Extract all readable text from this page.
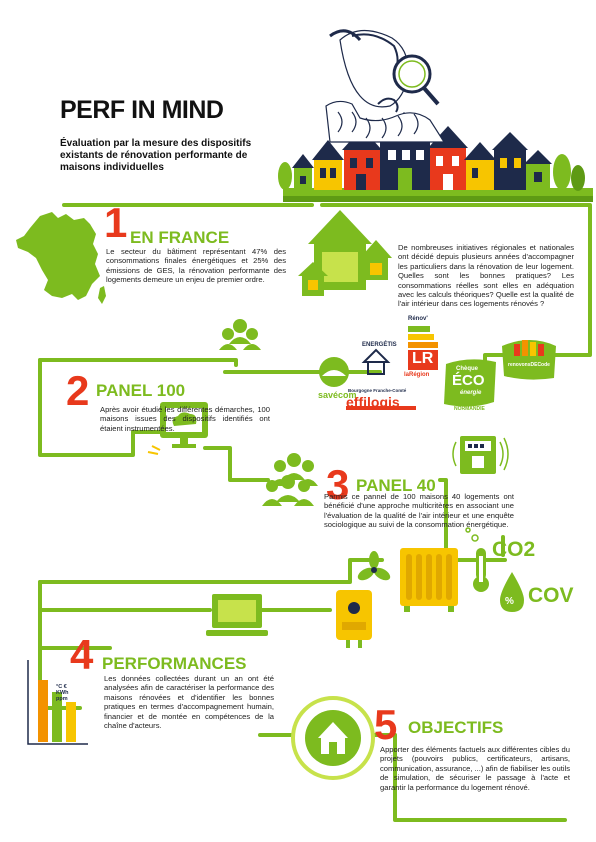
PERF IN MIND
Évaluation par la mesure des dispositifs existants de rénovation performante de maisons individuelles
1 EN FRANCE
Le secteur du bâtiment représentant 47% des consommations finales énergétiques et 25% des émissions de GES, la rénovation performante des logements demeure un enjeu de premier ordre.
De nombreuses initiatives régionales et nationales ont décidé depuis plusieurs années d'accompagner les particuliers dans la rénovation de leur logement. Quelles sont les bonnes pratiques? Les consommations réelles sont elles en adéquation avec les calculs théoriques? Quelle est la qualité de l'air intérieur dans ces logements rénovés ?
savécom
ENERGÉTIS
Rénov'
LR
laRégion
Bourgogne Franche-Comté
effilogis
Chèque
ÉCO
énergie
NORMANDIE
renovonsDECode
2 PANEL 100
Après avoir étudié les différentes démarches, 100 maisons issues des dispositifs identifiés ont étaient instrumentées.
3 PANEL 40
Parmis ce pannel de 100 maisons 40 logements ont bénéficié d'une approche multicritères en associant une l'évaluation de la qualité de l'air intérieur et une enquête sociologique au suivi de la consommation énergétique.
CO2
COV
%
4 PERFORMANCES
Les données collectées durant un an ont été analysées afin de caractériser la performance des maisons rénovées et d'identifier les bonnes pratiques en termes d'accompagnement humain, financier et de montée en compétences de la chaîne d'acteurs.
°C €
KWh
ppm
5 OBJECTIFS
Apporter des éléments factuels aux différentes cibles du projets (pouvoirs publics, certificateurs, artisans, communication, assurance, ...) afin de fiabiliser les outils de simulation, de sécuriser le passage à l'acte et garantir la performance du logement rénové.
